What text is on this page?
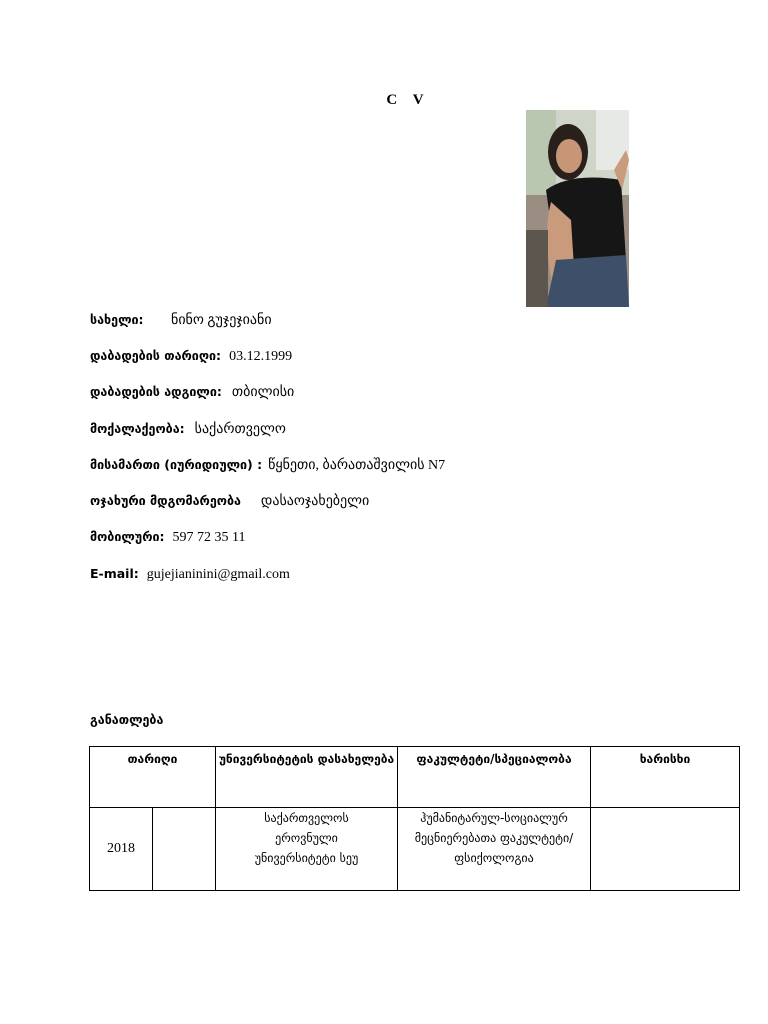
C V
სახელი:	ნინო გუჯეჯიანი
დაბადების თარიღი: 03.12.1999
დაბადების ადგილი: თბილისი
მოქალაქეობა: საქართველო
მისამართი (იურიდიული) : წყნეთი, ბარათაშვილის N7
ოჯახური მდგომარეობა დასაოჯახებელი
მობილური: 597 72 35 11
E-mail: gujejianinini@gmail.com
განათლება
თარიღი		უნივერსიტეტის დასახელება	ფაკულტეტი/სპეციალობა	ხარისხი
2018		საქართველოს ეროვნული უნივერსიტეტი სეუ	ჰუმანიტარულ-სოციალურ მეცნიერებათა ფაკულტეტი/ ფსიქოლოგია	
